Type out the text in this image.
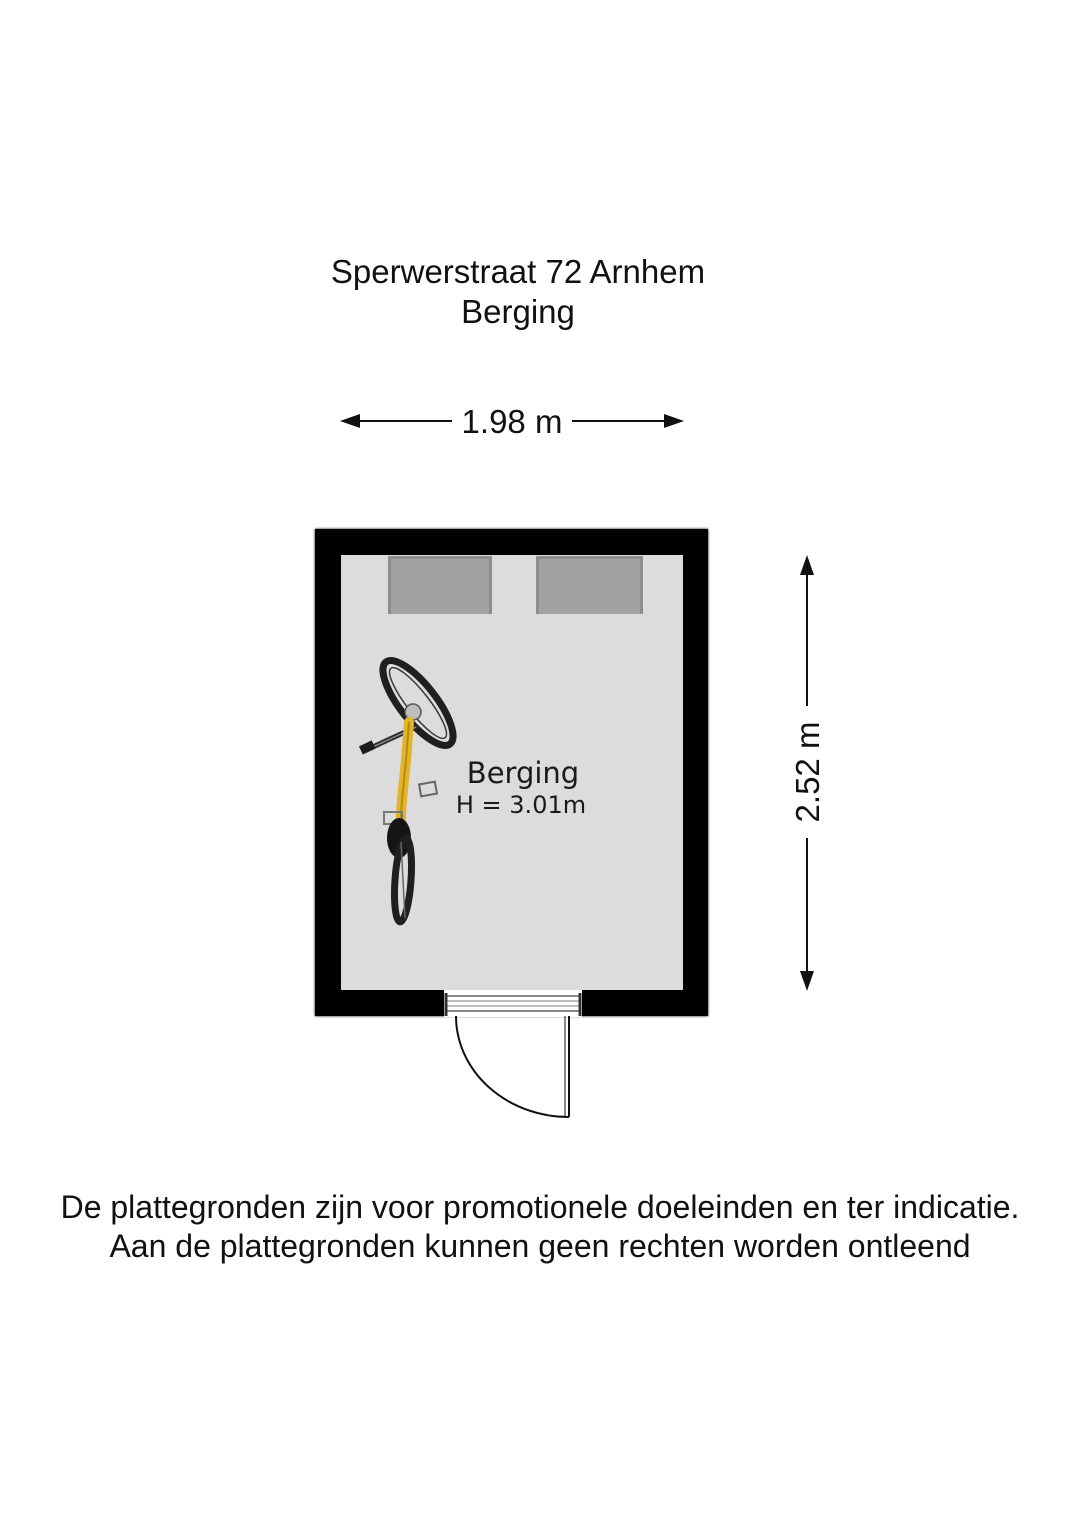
Sperwerstraat 72 Arnhem
Berging
1.98 m
2.52 m
Berging
H = 3.01m
De plattegronden zijn voor promotionele doeleinden en ter indicatie.
Aan de plattegronden kunnen geen rechten worden ontleend
